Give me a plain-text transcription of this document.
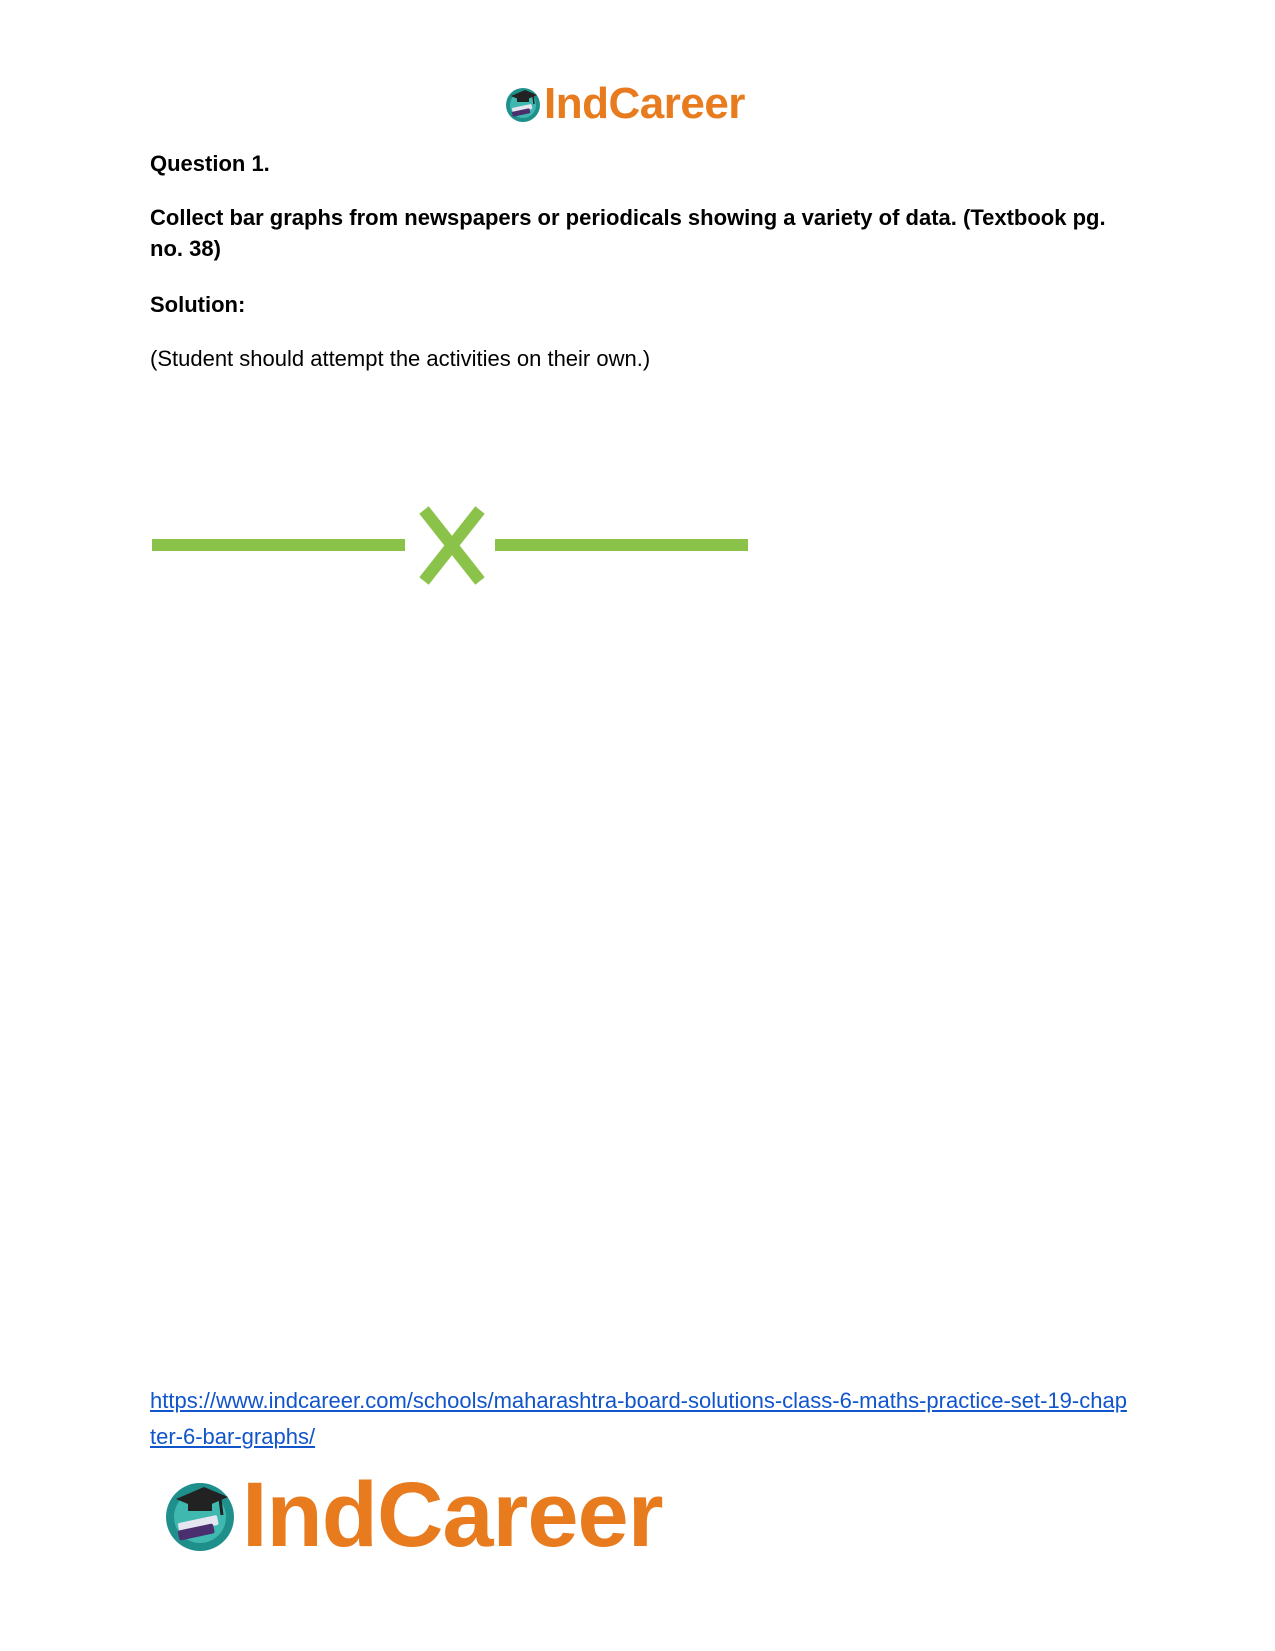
IndCareer
Question 1.
Collect bar graphs from newspapers or periodicals showing a variety of data. (Textbook pg. no. 38)
Solution:
(Student should attempt the activities on their own.)
https://www.indcareer.com/schools/maharashtra-board-solutions-class-6-maths-practice-set-19-chapter-6-bar-graphs/
IndCareer
